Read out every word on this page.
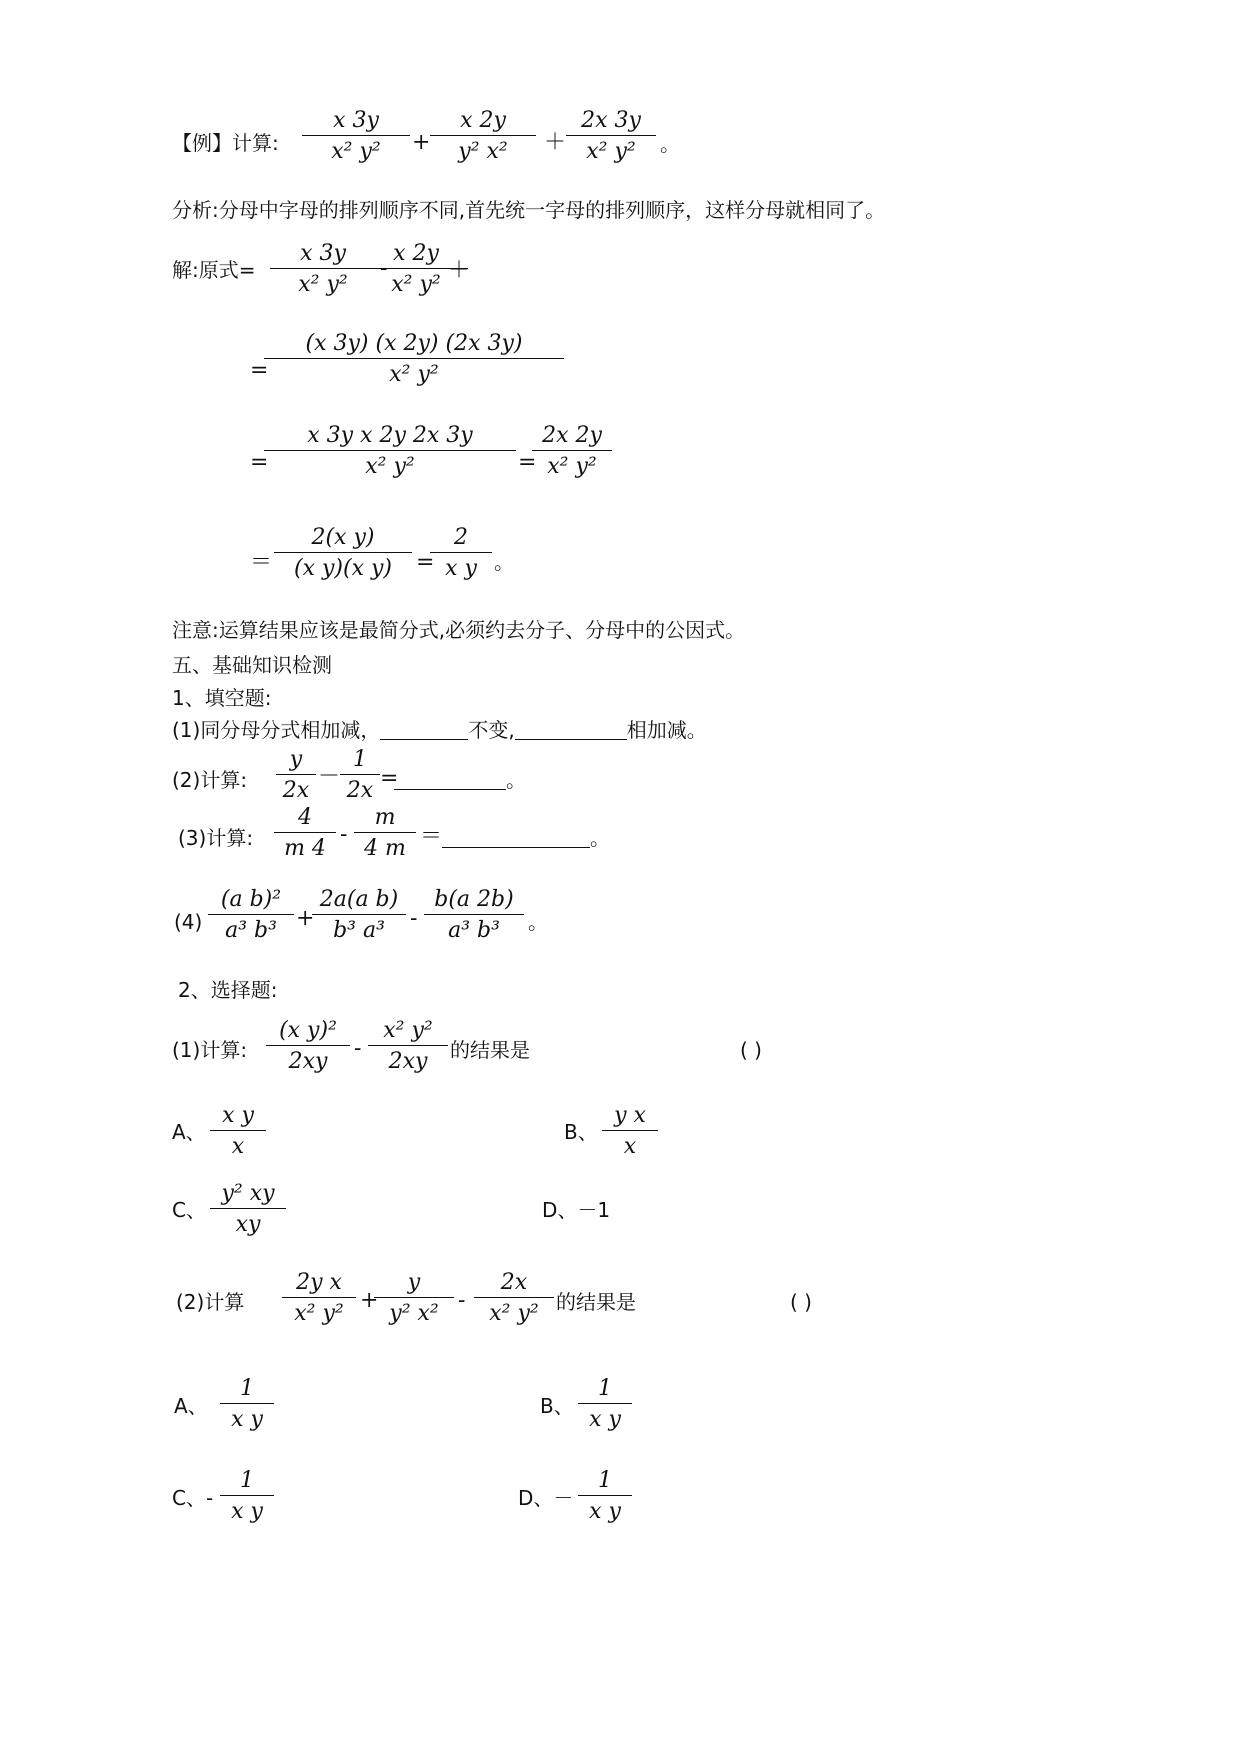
【例】计算:
x 3y
x² y²	+
x 2y
y² x²	＋
2x 3y
x² y²	。
分析:分母中字母的排列顺序不同,首先统一字母的排列顺序，这样分母就相同了。
解:原式=
x 3y
x² y²
-
x 2y
x² y²
＋
=
(x 3y) (x 2y) (2x 3y)
x² y²
=
x 3y x 2y 2x 3y
x² y²	=
2x 2y
x² y²
＝
2(x y)
(x y)(x y)	=
2
x y 。
注意:运算结果应该是最简分式,必须约去分子、分母中的公因式。
五、基础知识检测
1、填空题:
(1)同分母分式相加减，	不变,	相加减。
(2)计算:
y
2x
－
1
2x =	。
(3)计算:
4
m 4
-
m
4 m ＝	。
(4)
(a b)²
a³ b³ +
2a(a b)
b³ a³	-
b(a 2b)
a³ b³	。
2、选择题:
(1)计算:
(x y)²
2xy
-
x² y²
2xy	的结果是	( )
A、
x y
x
B、
y x
x
C、
y² xy
xy
D、－1
(2)计算
2y x
x² y²
+
y
y² x²
-
2x
x² y² 的结果是	( )
A、
1
x y
B、
1
x y
C、-
1
x y
D、－
1
x y
